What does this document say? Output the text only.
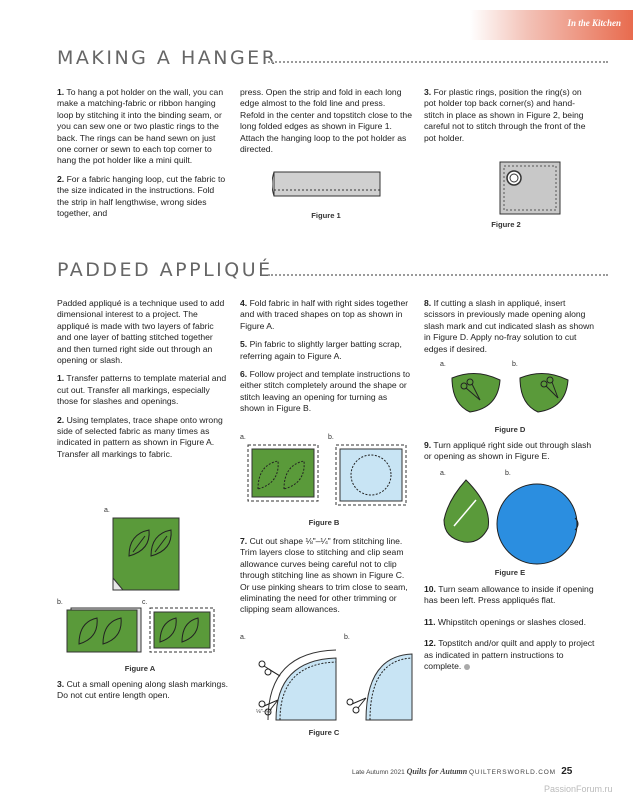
In the Kitchen
MAKING A HANGER

1. To hang a pot holder on the wall, you can make a matching-fabric or ribbon hanging loop by stitching it into the binding seam, or you can sew one or two plastic rings to the back. The rings can be hand sewn on just one corner or sewn to each top corner to hang the pot holder like a mini quilt.

2. For a fabric hanging loop, cut the fabric to the size indicated in the instructions. Fold the strip in half lengthwise, wrong sides together, and

press. Open the strip and fold in each long edge almost to the fold line and press. Refold in the center and topstitch close to the long folded edges as shown in Figure 1. Attach the hanging loop to the pot holder as directed.

3. For plastic rings, position the ring(s) on pot holder top back corner(s) and hand-stitch in place as shown in Figure 2, being careful not to stitch through the front of the pot holder.

Figure 1
Figure 2
PADDED APPLIQUÉ

Padded appliqué is a technique used to add dimensional interest to a project. The appliqué is made with two layers of fabric and one layer of batting stitched together and then turned right side out through an opening or slash.

1. Transfer patterns to template material and cut out. Transfer all markings, especially those for slashes and openings.

2. Using templates, trace shape onto wrong side of selected fabric as many times as indicated in pattern as shown in Figure A. Transfer all markings to fabric.

a.
b.	c.
Figure A

3. Cut a small opening along slash markings. Do not cut entire length open.

4. Fold fabric in half with right sides together and with traced shapes on top as shown in Figure A.

5. Pin fabric to slightly larger batting scrap, referring again to Figure A.

6. Follow project and template instructions to either stitch completely around the shape or stitch leaving an opening for turning as shown in Figure B.

a.	b.
Figure B

7. Cut out shape ⅛"–¼" from stitching line. Trim layers close to stitching and clip seam allowance curves being careful not to clip through stitching line as shown in Figure C. Or use pinking shears to trim close to seam, eliminating the need for other trimming or clipping seam allowances.

a.
⅛"–¼"
b.
Figure C

8. If cutting a slash in appliqué, insert scissors in previously made opening along slash mark and cut indicated slash as shown in Figure D. Apply no-fray solution to cut edges if desired.

a.	b.
Figure D

9. Turn appliqué right side out through slash or opening as shown in Figure E.

a.	b.
Figure E

10. Turn seam allowance to inside if opening has been left. Press appliqués flat.

11. Whipstitch openings or slashes closed.

12. Topstitch and/or quilt and apply to project as indicated in pattern instructions to complete.

Late Autumn 2021 Quilts for Autumn QUILTERSWORLD.COM 25
PassionForum.ru
